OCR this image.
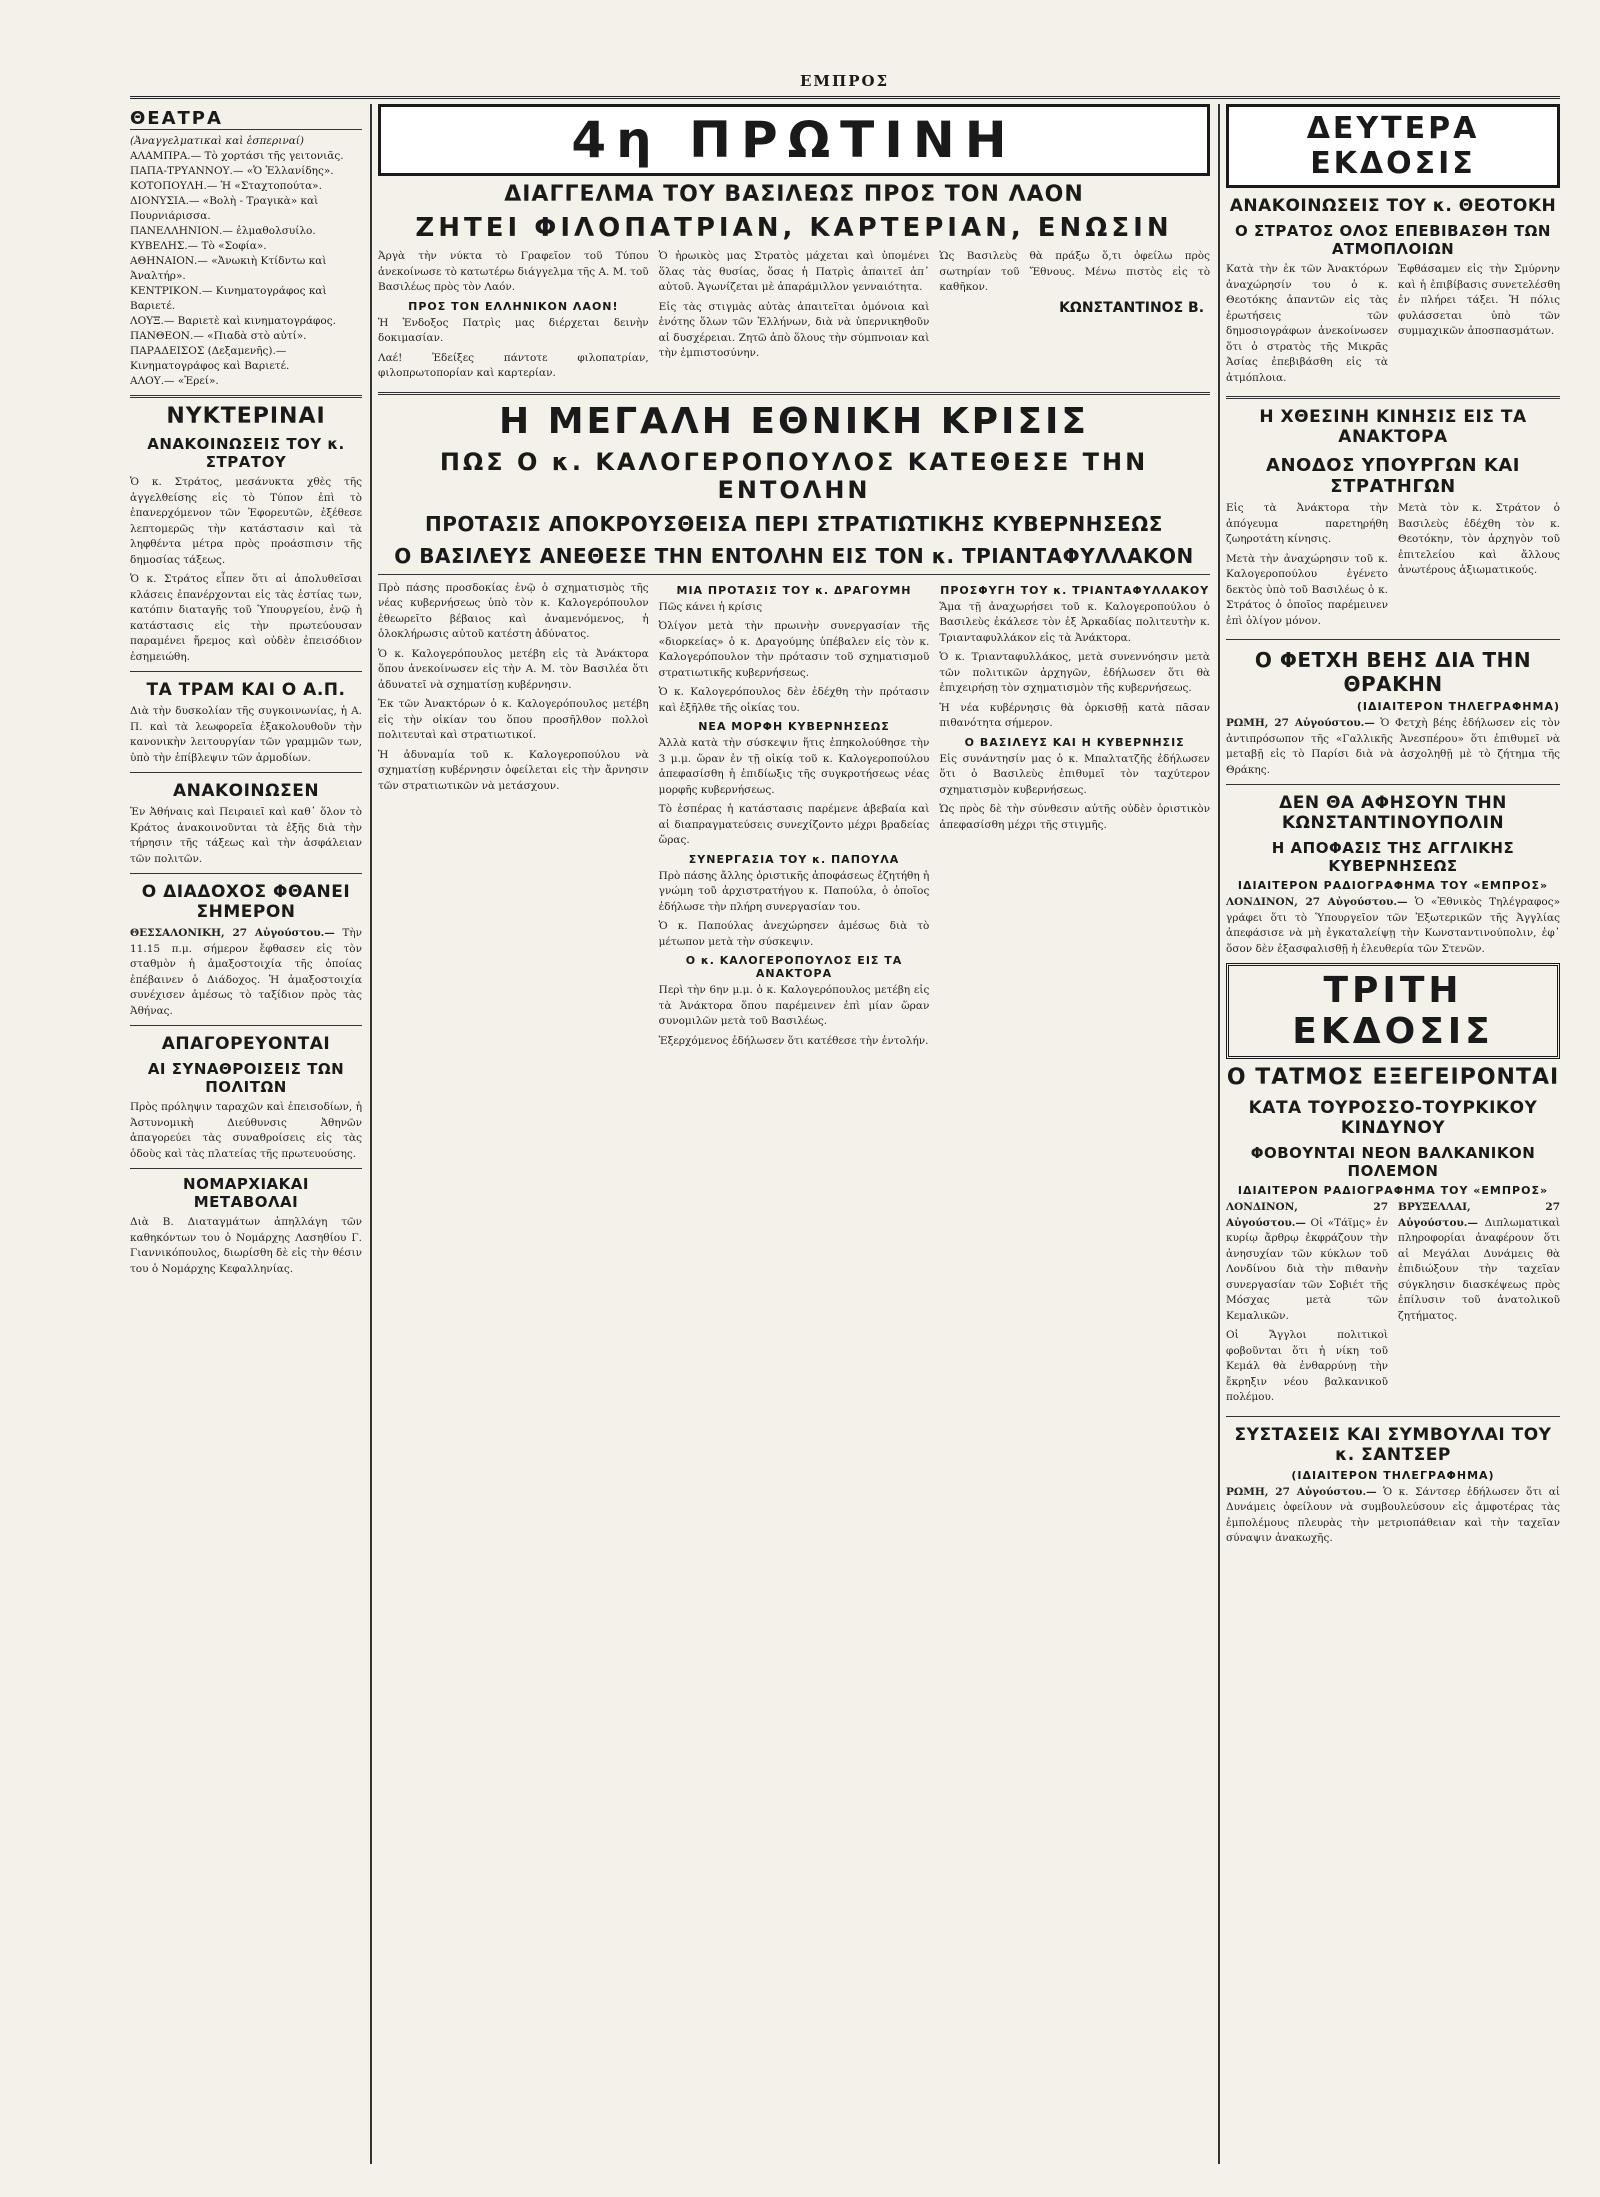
ΕΜΠΡΟΣ
ΘΕΑΤΡΑ

(Ἀναγγελματικαὶ καὶ ἑσπεριναί)

ΑΛΑΜΠΡΑ.— Τὸ χορτάσι τῆς γειτονιᾶς.

ΠΑΠΑ-ΤΡΥΑΝΝΟΥ.— «Ὁ Ἐλλανίδης».

ΚΟΤΟΠΟΥΛΗ.— Ἡ «Σταχτοπούτα».

ΔΙΟΝΥΣΙΑ.— «Βολὴ - Τραγικὰ» καὶ Πουρνιάρισσα.

ΠΑΝΕΛΛΗΝΙΟΝ.— ἐλμαθολσυίλο.

ΚΥΒΕΛΗΣ.— Τὸ «Σοφία».

ΑΘΗΝΑΙΟΝ.— «Ἀνωκιὴ Κτίδντω καὶ Ἀναλτήρ».

ΚΕΝΤΡΙΚΟΝ.— Κινηματογράφος καὶ Βαριετέ.

ΛΟΥΞ.— Βαριετὲ καὶ κινηματογράφος.

ΠΑΝΘΕΟΝ.— «Πιαδὰ στὸ αὐτί».

ΠΑΡΑΔΕΙΣΟΣ (Δεξαμενῆς).— Κινηματογράφος καὶ Βαριετέ.

ΑΛΟΥ.— «Ἐρεί».

ΝΥΚΤΕΡΙΝΑΙ
ΑΝΑΚΟΙΝΩΣΕΙΣ ΤΟΥ κ. ΣΤΡΑΤΟΥ

Ὁ κ. Στράτος, μεσάνυκτα χθὲς τῆς ἀγγελθείσης εἰς τὸ Τύπον ἐπὶ τὸ ἐπανερχόμενον τῶν Ἐφορευτῶν, ἐξέθεσε λεπτομερῶς τὴν κατάστασιν καὶ τὰ ληφθέντα μέτρα πρὸς προάσπισιν τῆς δημοσίας τάξεως.

Ὁ κ. Στράτος εἶπεν ὅτι αἱ ἀπολυθεῖσαι κλάσεις ἐπανέρχονται εἰς τὰς ἑστίας των, κατόπιν διαταγῆς τοῦ Ὑπουργείου, ἐνῷ ἡ κατάστασις εἰς τὴν πρωτεύουσαν παραμένει ἤρεμος καὶ οὐδὲν ἐπεισόδιον ἐσημειώθη.

ΤΑ ΤΡΑΜ ΚΑΙ Ο Α.Π.

Διὰ τὴν δυσκολίαν τῆς συγκοινωνίας, ἡ Α. Π. καὶ τὰ λεωφορεῖα ἐξακολουθοῦν τὴν κανονικὴν λειτουργίαν τῶν γραμμῶν των, ὑπὸ τὴν ἐπίβλεψιν τῶν ἀρμοδίων.

ΑΝΑΚΟΙΝΩΣΕΝ

Ἐν Ἀθήναις καὶ Πειραιεῖ καὶ καθ᾽ ὅλον τὸ Κράτος ἀνακοινοῦνται τὰ ἑξῆς διὰ τὴν τήρησιν τῆς τάξεως καὶ τὴν ἀσφάλειαν τῶν πολιτῶν.

Ο ΔΙΑΔΟΧΟΣ ΦΘΑΝΕΙ ΣΗΜΕΡΟΝ

ΘΕΣΣΑΛΟΝΙΚΗ, 27 Αὐγούστου.— Τὴν 11.15 π.μ. σήμερον ἔφθασεν εἰς τὸν σταθμὸν ἡ ἀμαξοστοιχία τῆς ὁποίας ἐπέβαινεν ὁ Διάδοχος. Ἡ ἀμαξοστοιχία συνέχισεν ἀμέσως τὸ ταξίδιον πρὸς τὰς Ἀθήνας.

ΑΠΑΓΟΡΕΥΟΝΤΑΙ
ΑΙ ΣΥΝΑΘΡΟΙΣΕΙΣ ΤΩΝ ΠΟΛΙΤΩΝ

Πρὸς πρόληψιν ταραχῶν καὶ ἐπεισοδίων, ἡ Ἀστυνομικὴ Διεύθυνσις Ἀθηνῶν ἀπαγορεύει τὰς συναθροίσεις εἰς τὰς ὁδοὺς καὶ τὰς πλατείας τῆς πρωτευούσης.

ΝΟΜΑΡΧΙΑΚΑΙ ΜΕΤΑΒΟΛΑΙ

Διὰ Β. Διαταγμάτων ἀπηλλάγη τῶν καθηκόντων του ὁ Νομάρχης Λασηθίου Γ. Γιαννικόπουλος, διωρίσθη δὲ εἰς τὴν θέσιν του ὁ Νομάρχης Κεφαλληνίας.

4η ΠΡΩΤΙΝΗ
ΔΙΑΓΓΕΛΜΑ ΤΟΥ ΒΑΣΙΛΕΩΣ ΠΡΟΣ ΤΟΝ ΛΑΟΝ
ΖΗΤΕΙ ΦΙΛΟΠΑΤΡΙΑΝ, ΚΑΡΤΕΡΙΑΝ, ΕΝΩΣΙΝ

Ἀργὰ τὴν νύκτα τὸ Γραφεῖον τοῦ Τύπου ἀνεκοίνωσε τὸ κατωτέρω διάγγελμα τῆς Α. Μ. τοῦ Βασιλέως πρὸς τὸν Λαόν.

ΠΡΟΣ ΤΟΝ ΕΛΛΗΝΙΚΟΝ ΛΑΟΝ!

Ἡ Ἐνδοξος Πατρὶς μας διέρχεται δεινὴν δοκιμασίαν.

Λαέ! Ἐδείξες πάντοτε φιλοπατρίαν, φιλοπρωτοπορίαν καὶ καρτερίαν.

Ὁ ἡρωικὸς μας Στρατὸς μάχεται καὶ ὑπομένει ὅλας τὰς θυσίας, ὅσας ἡ Πατρὶς ἀπαιτεῖ ἀπ᾽ αὐτοῦ. Ἀγωνίζεται μὲ ἀπαράμιλλον γενναιότητα.

Εἰς τὰς στιγμὰς αὐτὰς ἀπαιτεῖται ὁμόνοια καὶ ἑνότης ὅλων τῶν Ἑλλήνων, διὰ νὰ ὑπερνικηθοῦν αἱ δυσχέρειαι. Ζητῶ ἀπὸ ὅλους τὴν σύμπνοιαν καὶ τὴν ἐμπιστοσύνην.

Ὡς Βασιλεὺς θὰ πράξω ὅ,τι ὀφείλω πρὸς σωτηρίαν τοῦ Ἔθνους. Μένω πιστὸς εἰς τὸ καθῆκον.

ΚΩΝΣΤΑΝΤΙΝΟΣ Β.
Η ΜΕΓΑΛΗ ΕΘΝΙΚΗ ΚΡΙΣΙΣ
ΠΩΣ Ο κ. ΚΑΛΟΓΕΡΟΠΟΥΛΟΣ ΚΑΤΕΘΕΣΕ ΤΗΝ ΕΝΤΟΛΗΝ
ΠΡΟΤΑΣΙΣ ΑΠΟΚΡΟΥΣΘΕΙΣΑ ΠΕΡΙ ΣΤΡΑΤΙΩΤΙΚΗΣ ΚΥΒΕΡΝΗΣΕΩΣ
Ο ΒΑΣΙΛΕΥΣ ΑΝΕΘΕΣΕ ΤΗΝ ΕΝΤΟΛΗΝ ΕΙΣ ΤΟΝ κ. ΤΡΙΑΝΤΑΦΥΛΛΑΚΟΝ

Πρὸ πάσης προσδοκίας ἐνῷ ὁ σχηματισμὸς τῆς νέας κυβερνήσεως ὑπὸ τὸν κ. Καλογερόπουλον ἐθεωρεῖτο βέβαιος καὶ ἀναμενόμενος, ἡ ὁλοκλήρωσις αὐτοῦ κατέστη ἀδύνατος.

Ὁ κ. Καλογερόπουλος μετέβη εἰς τὰ Ἀνάκτορα ὅπου ἀνεκοίνωσεν εἰς τὴν Α. Μ. τὸν Βασιλέα ὅτι ἀδυνατεῖ νὰ σχηματίσῃ κυβέρνησιν.

Ἐκ τῶν Ἀνακτόρων ὁ κ. Καλογερόπουλος μετέβη εἰς τὴν οἰκίαν του ὅπου προσῆλθον πολλοὶ πολιτευταὶ καὶ στρατιωτικοί.

Ἡ ἀδυναμία τοῦ κ. Καλογεροπούλου νὰ σχηματίσῃ κυβέρνησιν ὀφείλεται εἰς τὴν ἄρνησιν τῶν στρατιωτικῶν νὰ μετάσχουν.

ΜΙΑ ΠΡΟΤΑΣΙΣ ΤΟΥ κ. ΔΡΑΓΟΥΜΗ

Πῶς κάνει ἡ κρίσις

Ὀλίγον μετὰ τὴν πρωινὴν συνεργασίαν τῆς «διορκείας» ὁ κ. Δραγούμης ὑπέβαλεν εἰς τὸν κ. Καλογερόπουλον τὴν πρότασιν τοῦ σχηματισμοῦ στρατιωτικῆς κυβερνήσεως.

Ὁ κ. Καλογερόπουλος δὲν ἐδέχθη τὴν πρότασιν καὶ ἐξῆλθε τῆς οἰκίας του.

ΝΕΑ ΜΟΡΦΗ ΚΥΒΕΡΝΗΣΕΩΣ

Ἀλλὰ κατὰ τὴν σύσκεψιν ἥτις ἐπηκολούθησε τὴν 3 μ.μ. ὥραν ἐν τῇ οἰκίᾳ τοῦ κ. Καλογεροπούλου ἀπεφασίσθη ἡ ἐπιδίωξις τῆς συγκροτήσεως νέας μορφῆς κυβερνήσεως.

Τὸ ἐσπέρας ἡ κατάστασις παρέμενε ἀβεβαία καὶ αἱ διαπραγματεύσεις συνεχίζοντο μέχρι βραδείας ὥρας.

ΣΥΝΕΡΓΑΣΙΑ ΤΟΥ κ. ΠΑΠΟΥΛΑ

Πρὸ πάσης ἄλλης ὁριστικῆς ἀποφάσεως ἐζητήθη ἡ γνώμη τοῦ ἀρχιστρατήγου κ. Παπούλα, ὁ ὁποῖος ἐδήλωσε τὴν πλήρη συνεργασίαν του.

Ὁ κ. Παπούλας ἀνεχώρησεν ἀμέσως διὰ τὸ μέτωπον μετὰ τὴν σύσκεψιν.

Ο κ. ΚΑΛΟΓΕΡΟΠΟΥΛΟΣ ΕΙΣ ΤΑ ΑΝΑΚΤΟΡΑ

Περὶ τὴν 6ην μ.μ. ὁ κ. Καλογερόπουλος μετέβη εἰς τὰ Ἀνάκτορα ὅπου παρέμεινεν ἐπὶ μίαν ὥραν συνομιλῶν μετὰ τοῦ Βασιλέως.

Ἐξερχόμενος ἐδήλωσεν ὅτι κατέθεσε τὴν ἐντολήν.

ΠΡΟΣΦΥΓΗ ΤΟΥ κ. ΤΡΙΑΝΤΑΦΥΛΛΑΚΟΥ

Ἅμα τῇ ἀναχωρήσει τοῦ κ. Καλογεροπούλου ὁ Βασιλεὺς ἐκάλεσε τὸν ἐξ Ἀρκαδίας πολιτευτὴν κ. Τριανταφυλλάκον εἰς τὰ Ἀνάκτορα.

Ὁ κ. Τριανταφυλλάκος, μετὰ συνεννόησιν μετὰ τῶν πολιτικῶν ἀρχηγῶν, ἐδήλωσεν ὅτι θὰ ἐπιχειρήσῃ τὸν σχηματισμὸν τῆς κυβερνήσεως.

Ἡ νέα κυβέρνησις θὰ ὁρκισθῇ κατὰ πᾶσαν πιθανότητα σήμερον.

Ο ΒΑΣΙΛΕΥΣ ΚΑΙ Η ΚΥΒΕΡΝΗΣΙΣ

Εἰς συνάντησίν μας ὁ κ. Μπαλτατζῆς ἐδήλωσεν ὅτι ὁ Βασιλεὺς ἐπιθυμεῖ τὸν ταχύτερον σχηματισμὸν κυβερνήσεως.

Ὡς πρὸς δὲ τὴν σύνθεσιν αὐτῆς οὐδὲν ὁριστικὸν ἀπεφασίσθη μέχρι τῆς στιγμῆς.

ΔΕΥΤΕΡΑ ΕΚΔΟΣΙΣ
ΑΝΑΚΟΙΝΩΣΕΙΣ ΤΟΥ κ. ΘΕΟΤΟΚΗ
Ο ΣΤΡΑΤΟΣ ΟΛΟΣ ΕΠΕΒΙΒΑΣΘΗ ΤΩΝ ΑΤΜΟΠΛΟΙΩΝ

Κατὰ τὴν ἐκ τῶν Ἀνακτόρων ἀναχώρησίν του ὁ κ. Θεοτόκης ἀπαντῶν εἰς τὰς ἐρωτήσεις τῶν δημοσιογράφων ἀνεκοίνωσεν ὅτι ὁ στρατὸς τῆς Μικρᾶς Ἀσίας ἐπεβιβάσθη εἰς τὰ ἀτμόπλοια.

Ἐφθάσαμεν εἰς τὴν Σμύρνην καὶ ἡ ἐπιβίβασις συνετελέσθη ἐν πλήρει τάξει. Ἡ πόλις φυλάσσεται ὑπὸ τῶν συμμαχικῶν ἀποσπασμάτων.

Η ΧΘΕΣΙΝΗ ΚΙΝΗΣΙΣ ΕΙΣ ΤΑ ΑΝΑΚΤΟΡΑ
ΑΝΟΔΟΣ ΥΠΟΥΡΓΩΝ ΚΑΙ ΣΤΡΑΤΗΓΩΝ

Εἰς τὰ Ἀνάκτορα τὴν ἀπόγευμα παρετηρήθη ζωηροτάτη κίνησις.

Μετὰ τὴν ἀναχώρησιν τοῦ κ. Καλογεροπούλου ἐγένετο δεκτὸς ὑπὸ τοῦ Βασιλέως ὁ κ. Στράτος ὁ ὁποῖος παρέμεινεν ἐπὶ ὀλίγον μόνον.

Μετὰ τὸν κ. Στράτον ὁ Βασιλεὺς ἐδέχθη τὸν κ. Θεοτόκην, τὸν ἀρχηγὸν τοῦ ἐπιτελείου καὶ ἄλλους ἀνωτέρους ἀξιωματικούς.

Ο ΦΕΤΧΗ ΒΕΗΣ ΔΙΑ ΤΗΝ ΘΡΑΚΗΝ
(ΙΔΙΑΙΤΕΡΟΝ ΤΗΛΕΓΡΑΦΗΜΑ)

ΡΩΜΗ, 27 Αὐγούστου.— Ὁ Φετχὴ βέης ἐδήλωσεν εἰς τὸν ἀντιπρόσωπον τῆς «Γαλλικῆς Ἀνεσπέρου» ὅτι ἐπιθυμεῖ νὰ μεταβῇ εἰς τὸ Παρίσι διὰ νὰ ἀσχοληθῇ μὲ τὸ ζήτημα τῆς Θράκης.

ΔΕΝ ΘΑ ΑΦΗΣΟΥΝ ΤΗΝ ΚΩΝΣΤΑΝΤΙΝΟΥΠΟΛΙΝ
Η ΑΠΟΦΑΣΙΣ ΤΗΣ ΑΓΓΛΙΚΗΣ ΚΥΒΕΡΝΗΣΕΩΣ
ΙΔΙΑΙΤΕΡΟΝ ΡΑΔΙΟΓΡΑΦΗΜΑ ΤΟΥ «ΕΜΠΡΟΣ»

ΛΟΝΔΙΝΟΝ, 27 Αὐγούστου.— Ὁ «Ἐθνικὸς Τηλέγραφος» γράφει ὅτι τὸ Ὑπουργεῖον τῶν Ἐξωτερικῶν τῆς Ἀγγλίας ἀπεφάσισε νὰ μὴ ἐγκαταλείψῃ τὴν Κωνσταντινούπολιν, ἐφ᾽ ὅσον δὲν ἐξασφαλισθῇ ἡ ἐλευθερία τῶν Στενῶν.

ΤΡΙΤΗ ΕΚΔΟΣΙΣ
Ο ΤΑΤΜΟΣ ΕΞΕΓΕΙΡΟΝΤΑΙ
ΚΑΤΑ ΤΟΥΡΟΣΣΟ-ΤΟΥΡΚΙΚΟΥ ΚΙΝΔΥΝΟΥ
ΦΟΒΟΥΝΤΑΙ ΝΕΟΝ ΒΑΛΚΑΝΙΚΟΝ ΠΟΛΕΜΟΝ
ΙΔΙΑΙΤΕΡΟΝ ΡΑΔΙΟΓΡΑΦΗΜΑ ΤΟΥ «ΕΜΠΡΟΣ»

ΛΟΝΔΙΝΟΝ, 27 Αὐγούστου.— Οἱ «Τάϊμς» ἐν κυρίῳ ἄρθρῳ ἐκφράζουν τὴν ἀνησυχίαν τῶν κύκλων τοῦ Λονδίνου διὰ τὴν πιθανὴν συνεργασίαν τῶν Σοβιέτ τῆς Μόσχας μετὰ τῶν Κεμαλικῶν.

Οἱ Ἄγγλοι πολιτικοὶ φοβοῦνται ὅτι ἡ νίκη τοῦ Κεμάλ θὰ ἐνθαρρύνῃ τὴν ἔκρηξιν νέου βαλκανικοῦ πολέμου.

ΒΡΥΞΕΛΛΑΙ, 27 Αὐγούστου.— Διπλωματικαὶ πληροφορίαι ἀναφέρουν ὅτι αἱ Μεγάλαι Δυνάμεις θὰ ἐπιδιώξουν τὴν ταχεῖαν σύγκλησιν διασκέψεως πρὸς ἐπίλυσιν τοῦ ἀνατολικοῦ ζητήματος.

ΣΥΣΤΑΣΕΙΣ ΚΑΙ ΣΥΜΒΟΥΛΑΙ ΤΟΥ κ. ΣΑΝΤΣΕΡ
(ΙΔΙΑΙΤΕΡΟΝ ΤΗΛΕΓΡΑΦΗΜΑ)

ΡΩΜΗ, 27 Αὐγούστου.— Ὁ κ. Σάντσερ ἐδήλωσεν ὅτι αἱ Δυνάμεις ὀφείλουν νὰ συμβουλεύσουν εἰς ἀμφοτέρας τὰς ἐμπολέμους πλευρὰς τὴν μετριοπάθειαν καὶ τὴν ταχεῖαν σύναψιν ἀνακωχῆς.
